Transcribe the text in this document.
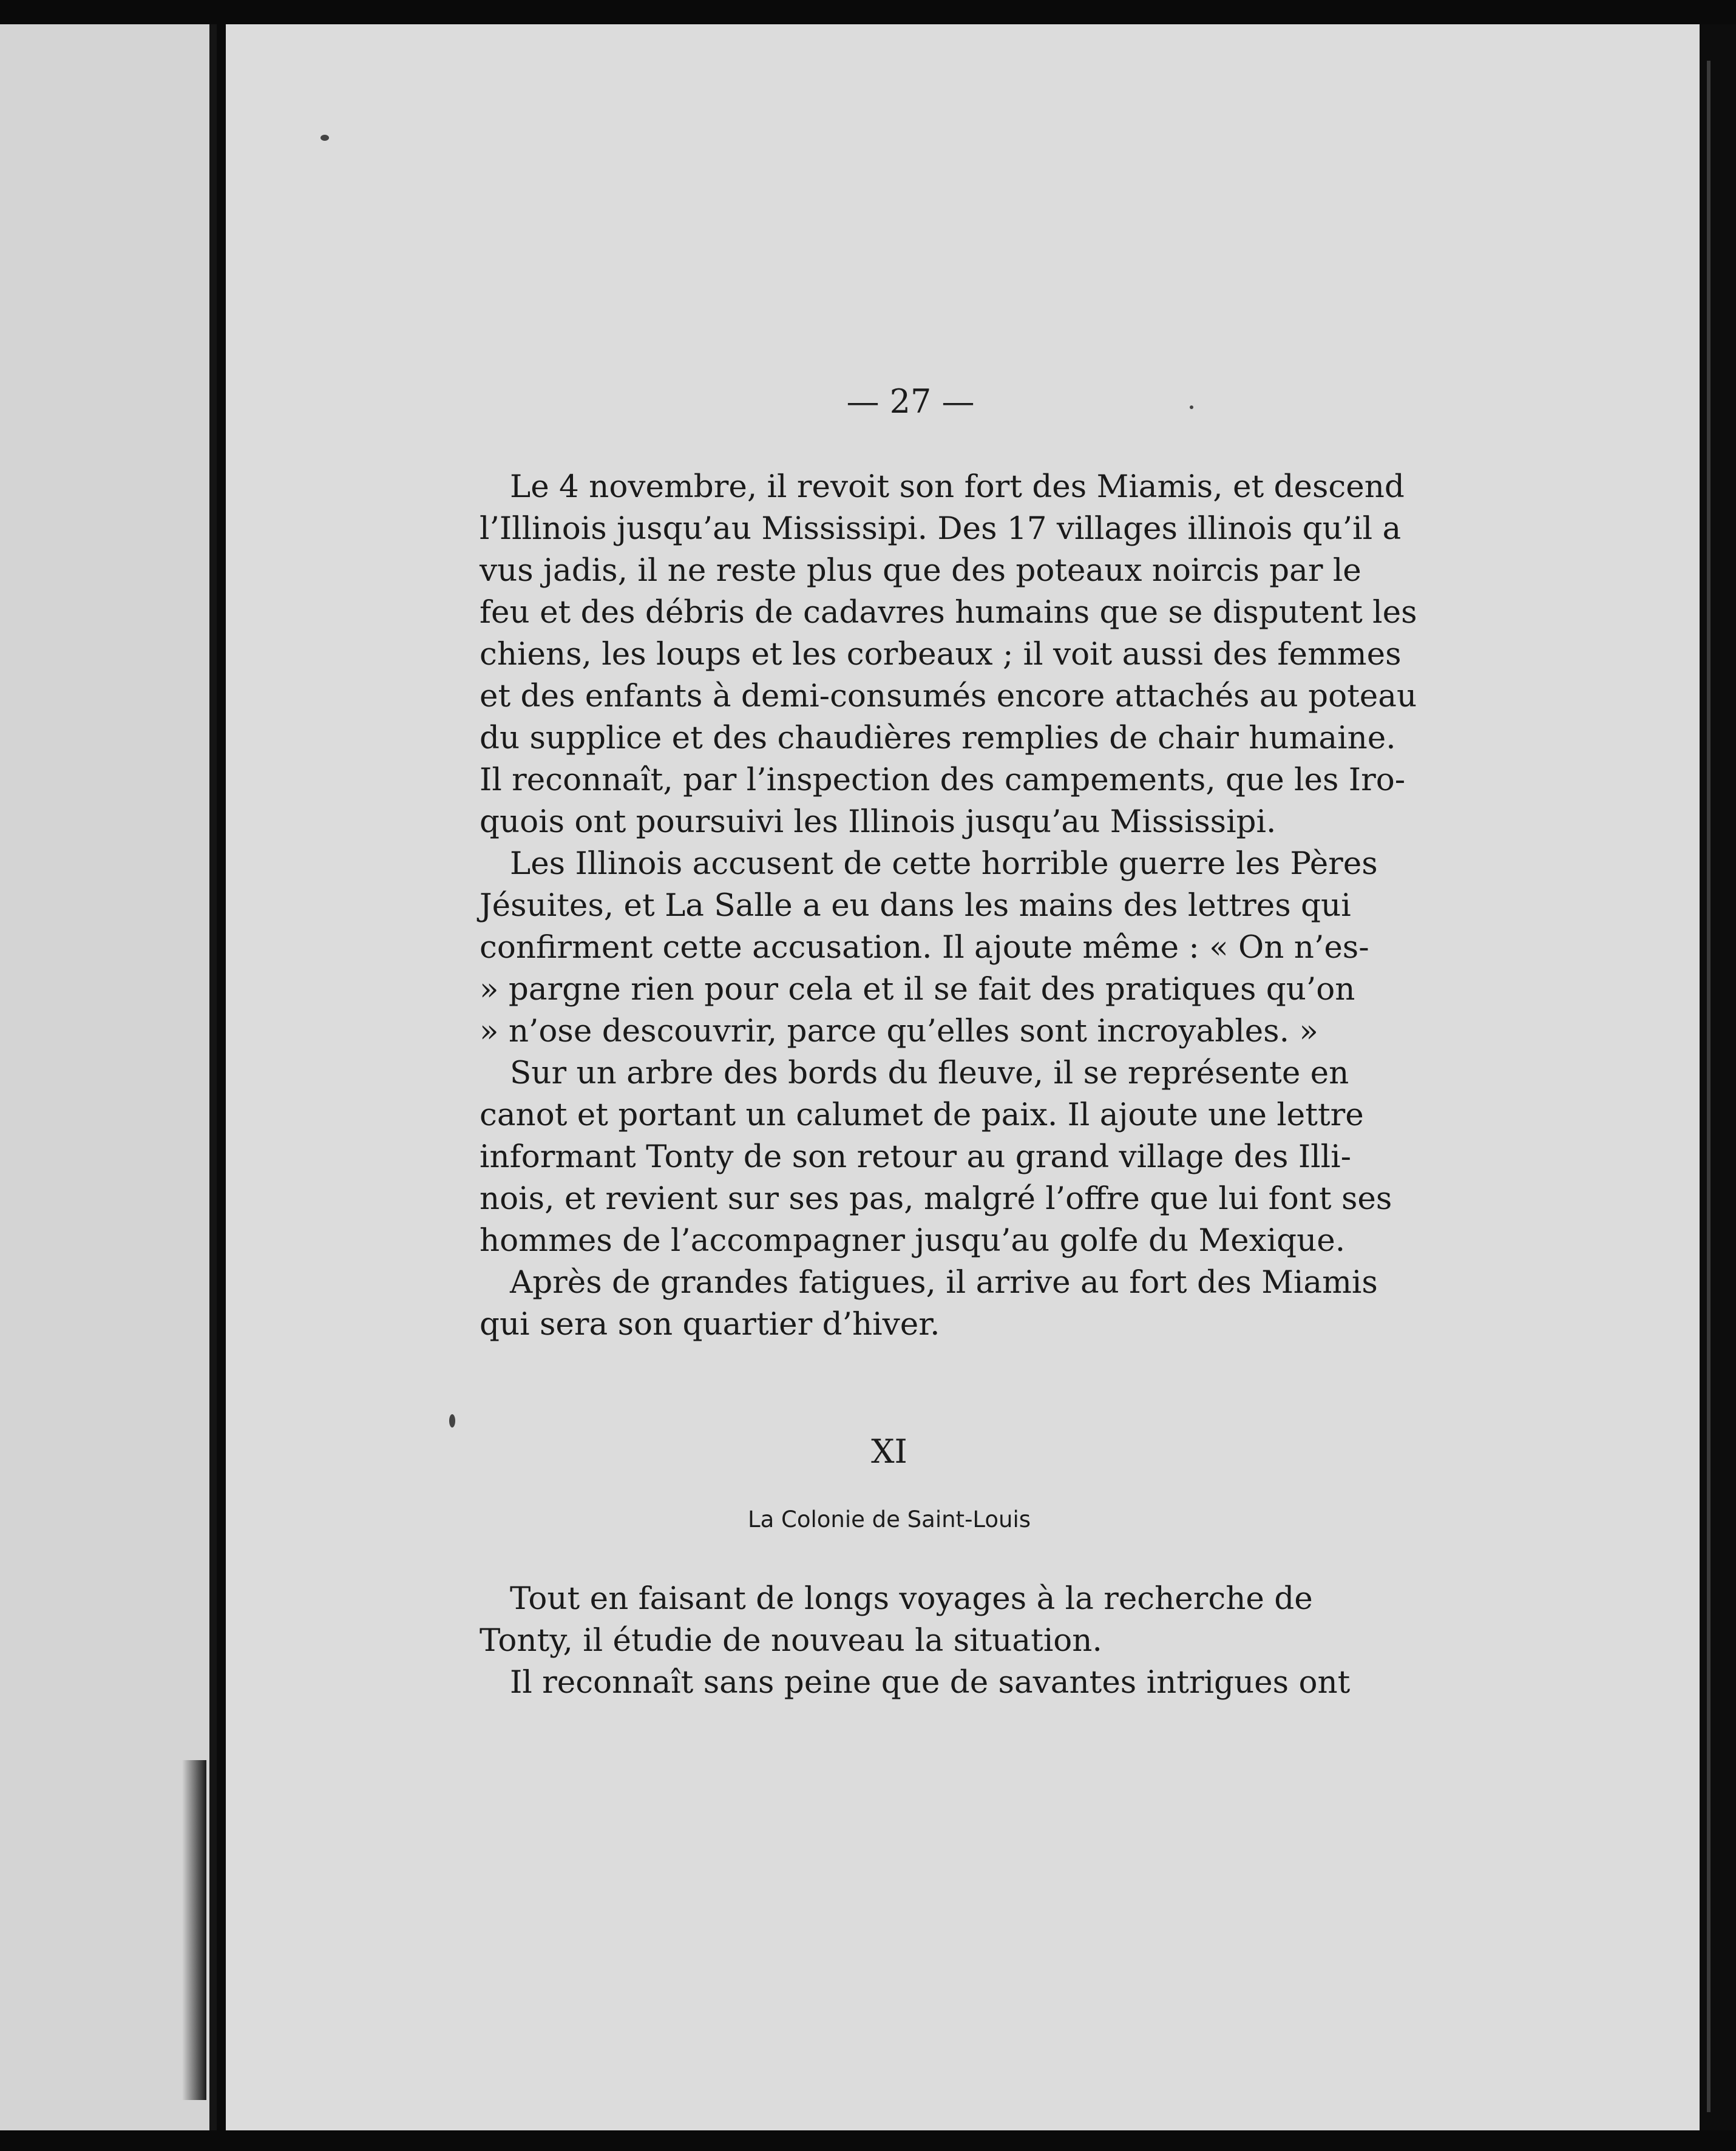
— 27 —
Le 4 novembre, il revoit son fort des Miamis, et descend
l’Illinois jusqu’au Mississipi. Des 17 villages illinois qu’il a
vus jadis, il ne reste plus que des poteaux noircis par le
feu et des débris de cadavres humains que se disputent les
chiens, les loups et les corbeaux ; il voit aussi des femmes
et des enfants à demi-consumés encore attachés au poteau
du supplice et des chaudières remplies de chair humaine.
Il reconnaît, par l’inspection des campements, que les Iro-
quois ont poursuivi les Illinois jusqu’au Mississipi.
Les Illinois accusent de cette horrible guerre les Pères
Jésuites, et La Salle a eu dans les mains des lettres qui
confirment cette accusation. Il ajoute même : « On n’es-
» pargne rien pour cela et il se fait des pratiques qu’on
» n’ose descouvrir, parce qu’elles sont incroyables. »
Sur un arbre des bords du fleuve, il se représente en
canot et portant un calumet de paix. Il ajoute une lettre
informant Tonty de son retour au grand village des Illi-
nois, et revient sur ses pas, malgré l’offre que lui font ses
hommes de l’accompagner jusqu’au golfe du Mexique.
Après de grandes fatigues, il arrive au fort des Miamis
qui sera son quartier d’hiver.
XI
La Colonie de Saint-Louis
Tout en faisant de longs voyages à la recherche de
Tonty, il étudie de nouveau la situation.
Il reconnaît sans peine que de savantes intrigues ont
